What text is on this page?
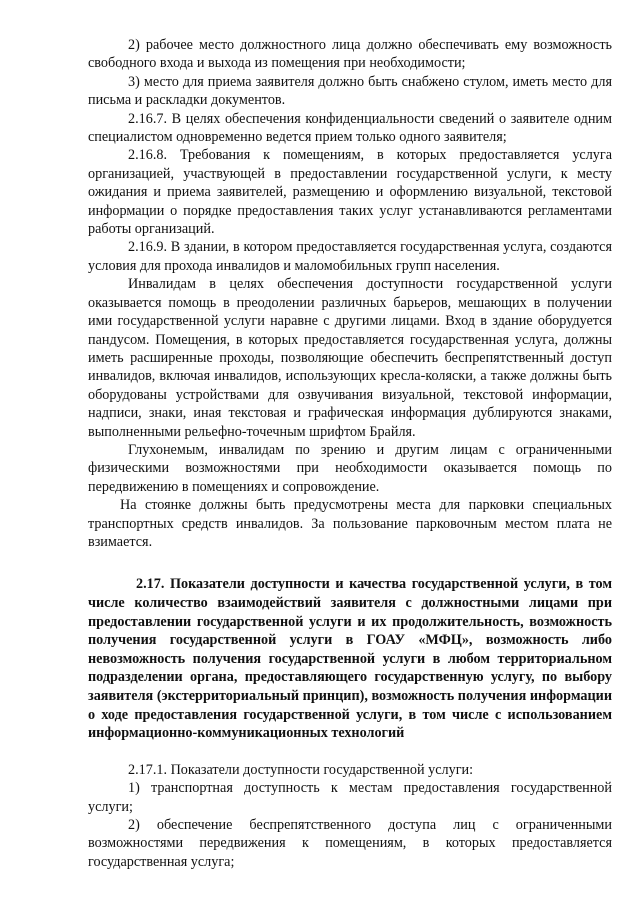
2) рабочее место должностного лица должно обеспечивать ему возможность свободного входа и выхода из помещения при необходимости;

3) место для приема заявителя должно быть снабжено стулом, иметь место для письма и раскладки документов.

2.16.7. В целях обеспечения конфиденциальности сведений о заявителе одним специалистом одновременно ведется прием только одного заявителя;

2.16.8. Требования к помещениям, в которых предоставляется услуга организацией, участвующей в предоставлении государственной услуги, к месту ожидания и приема заявителей, размещению и оформлению визуальной, текстовой информации о порядке предоставления таких услуг устанавливаются регламентами работы организаций.

2.16.9. В здании, в котором предоставляется государственная услуга, создаются условия для прохода инвалидов и маломобильных групп населения.

Инвалидам в целях обеспечения доступности государственной услуги оказывается помощь в преодолении различных барьеров, мешающих в получении ими государственной услуги наравне с другими лицами. Вход в здание оборудуется пандусом. Помещения, в которых предоставляется государственная услуга, должны иметь расширенные проходы, позволяющие обеспечить беспрепятственный доступ инвалидов, включая инвалидов, использующих кресла-коляски, а также должны быть оборудованы устройствами для озвучивания визуальной, текстовой информации, надписи, знаки, иная текстовая и графическая информация дублируются знаками, выполненными рельефно-точечным шрифтом Брайля.

Глухонемым, инвалидам по зрению и другим лицам с ограниченными физическими возможностями при необходимости оказывается помощь по передвижению в помещениях и сопровождение.

На стоянке должны быть предусмотрены места для парковки специальных транспортных средств инвалидов. За пользование парковочным местом плата не взимается.

2.17. Показатели доступности и качества государственной услуги, в том числе количество взаимодействий заявителя с должностными лицами при предоставлении государственной услуги и их продолжительность, возможность получения государственной услуги в ГОАУ «МФЦ», возможность либо невозможность получения государственной услуги в любом территориальном подразделении органа, предоставляющего государственную услугу, по выбору заявителя (экстерриториальный принцип), возможность получения информации о ходе предоставления государственной услуги, в том числе с использованием информационно-коммуникационных технологий

2.17.1. Показатели доступности государственной услуги:

1) транспортная доступность к местам предоставления государственной услуги;

2) обеспечение беспрепятственного доступа лиц с ограниченными возможностями передвижения к помещениям, в которых предоставляется государственная услуга;
